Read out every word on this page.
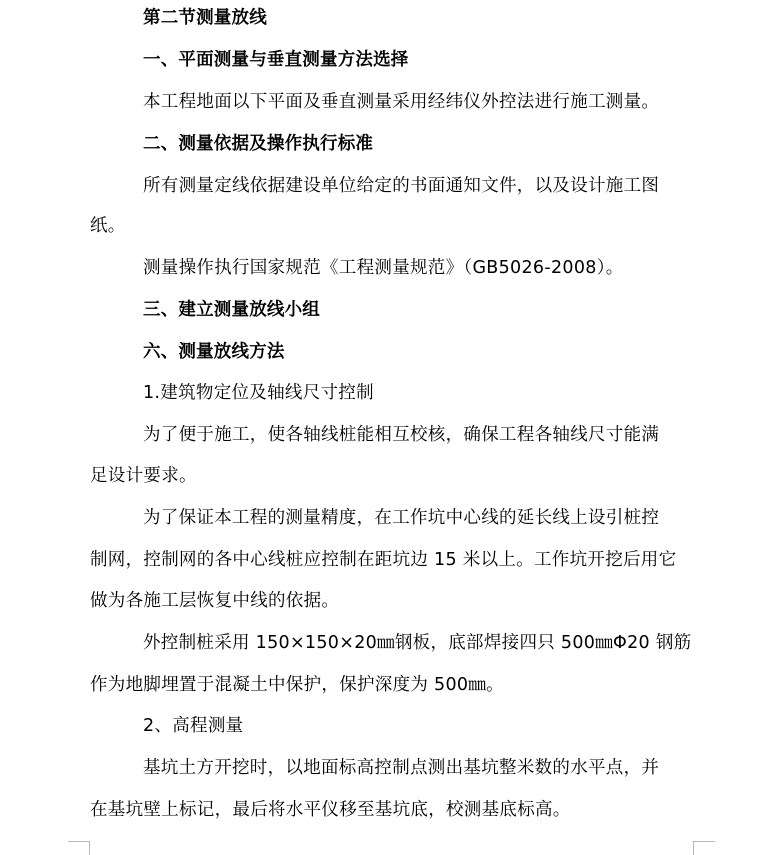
第二节测量放线
一、平面测量与垂直测量方法选择
本工程地面以下平面及垂直测量采用经纬仪外控法进行施工测量。
二、测量依据及操作执行标准
所有测量定线依据建设单位给定的书面通知文件，以及设计施工图
纸。
测量操作执行国家规范《工程测量规范》（GB5026-2008）。
三、建立测量放线小组
六、测量放线方法
1.建筑物定位及轴线尺寸控制
为了便于施工，使各轴线桩能相互校核，确保工程各轴线尺寸能满
足设计要求。
为了保证本工程的测量精度，在工作坑中心线的延长线上设引桩控
制网，控制网的各中心线桩应控制在距坑边 15 米以上。工作坑开挖后用它
做为各施工层恢复中线的依据。
外控制桩采用 150×150×20㎜钢板，底部焊接四只 500㎜Φ20 钢筋
作为地脚埋置于混凝土中保护，保护深度为 500㎜。
2、高程测量
基坑土方开挖时，以地面标高控制点测出基坑整米数的水平点，并
在基坑壁上标记，最后将水平仪移至基坑底，校测基底标高。
